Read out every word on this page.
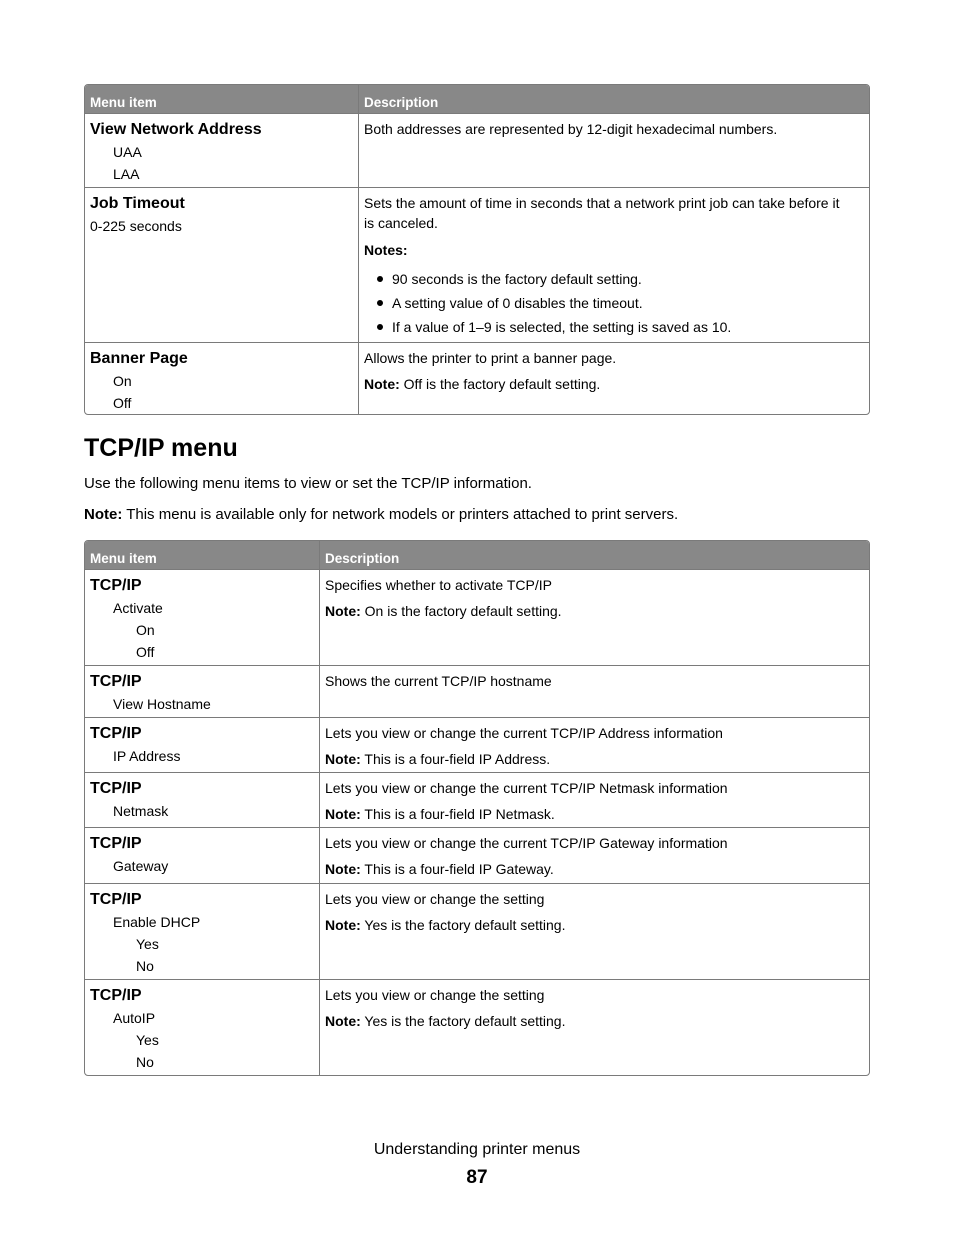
Menu item	Description
View Network Address
UAA
LAA
Both addresses are represented by 12-digit hexadecimal numbers.
Job Timeout
0-225 seconds
Sets the amount of time in seconds that a network print job can take before it
is canceled.
Notes:
90 seconds is the factory default setting.
A setting value of 0 disables the timeout.
If a value of 1–9 is selected, the setting is saved as 10.
Banner Page
On
Off
Allows the printer to print a banner page.
Note: Off is the factory default setting.
TCP/IP menu
Use the following menu items to view or set the TCP/IP information.
Note: This menu is available only for network models or printers attached to print servers.
Menu item	Description
TCP/IP
Activate
On
Off
Specifies whether to activate TCP/IP
Note: On is the factory default setting.
TCP/IP
View Hostname
Shows the current TCP/IP hostname
TCP/IP
IP Address
Lets you view or change the current TCP/IP Address information
Note: This is a four-field IP Address.
TCP/IP
Netmask
Lets you view or change the current TCP/IP Netmask information
Note: This is a four-field IP Netmask.
TCP/IP
Gateway
Lets you view or change the current TCP/IP Gateway information
Note: This is a four-field IP Gateway.
TCP/IP
Enable DHCP
Yes
No
Lets you view or change the setting
Note: Yes is the factory default setting.
TCP/IP
AutoIP
Yes
No
Lets you view or change the setting
Note: Yes is the factory default setting.
Understanding printer menus
87
